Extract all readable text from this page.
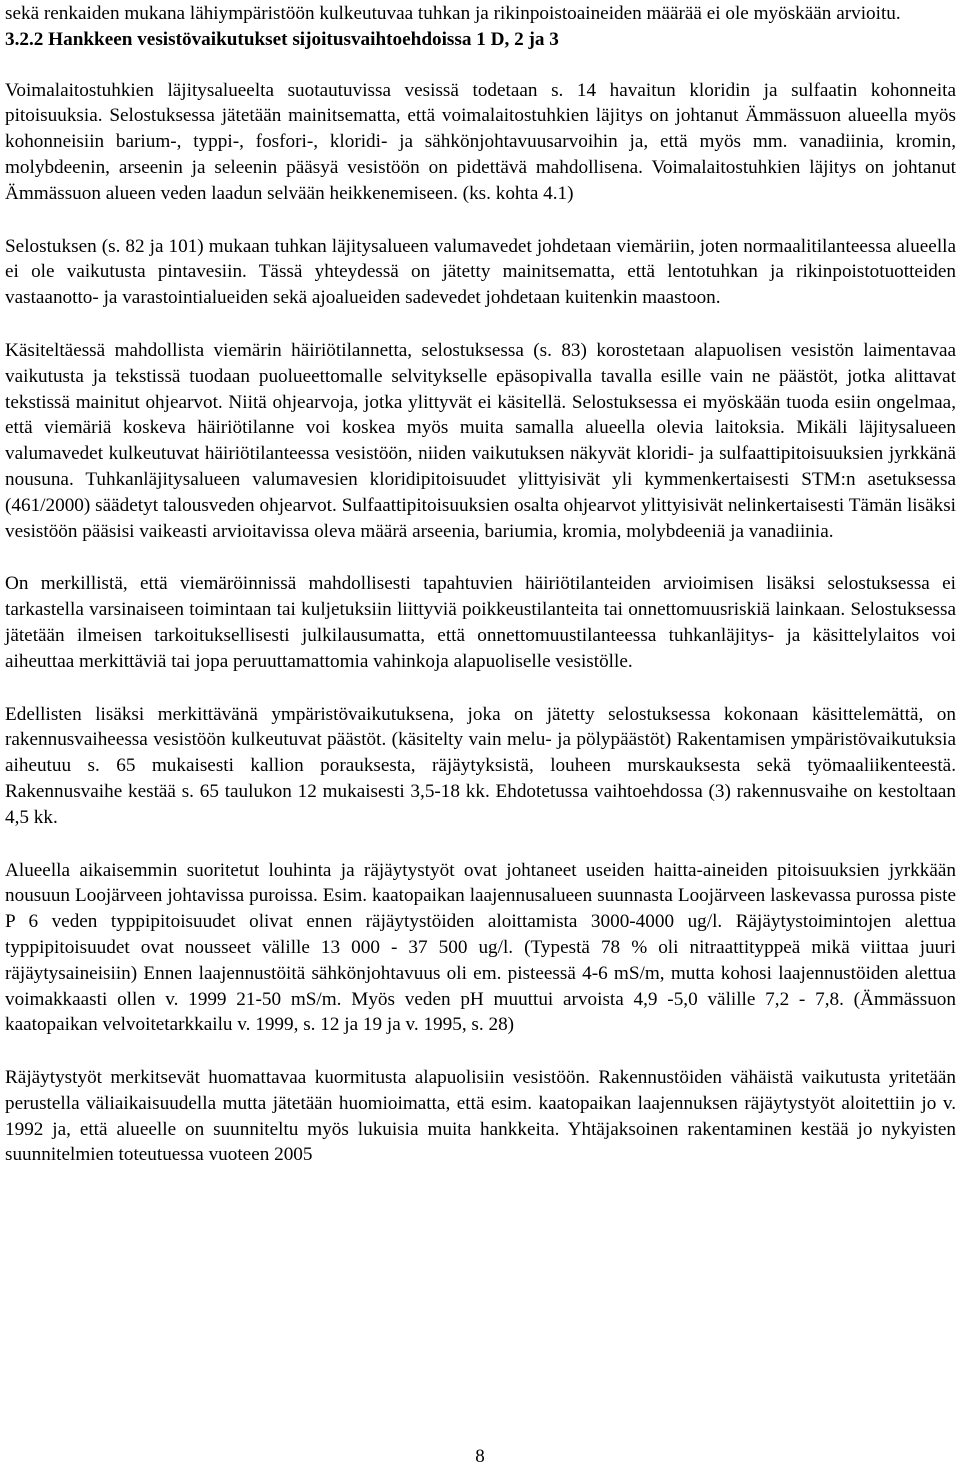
sekä renkaiden mukana lähiympäristöön kulkeutuvaa tuhkan ja rikinpoistoaineiden määrää ei ole myöskään arvioitu.

3.2.2 Hankkeen vesistövaikutukset sijoitusvaihtoehdoissa 1 D, 2 ja 3

Voimalaitostuhkien läjitysalueelta suotautuvissa vesissä todetaan s. 14 havaitun kloridin ja sulfaatin kohonneita pitoisuuksia. Selostuksessa jätetään mainitsematta, että voimalaitostuhkien läjitys on johtanut Ämmässuon alueella myös kohonneisiin barium-, typpi-, fosfori-, kloridi- ja sähkönjohtavuusarvoihin ja, että myös mm. vanadiinia, kromin, molybdeenin, arseenin ja seleenin pääsyä vesistöön on pidettävä mahdollisena. Voimalaitostuhkien läjitys on johtanut Ämmässuon alueen veden laadun selvään heikkenemiseen. (ks. kohta 4.1)

Selostuksen (s. 82 ja 101) mukaan tuhkan läjitysalueen valumavedet johdetaan viemäriin, joten normaalitilanteessa alueella ei ole vaikutusta pintavesiin. Tässä yhteydessä on jätetty mainitsematta, että lentotuhkan ja rikinpoistotuotteiden vastaanotto- ja varastointialueiden sekä ajoalueiden sadevedet johdetaan kuitenkin maastoon.

Käsiteltäessä mahdollista viemärin häiriötilannetta, selostuksessa (s. 83) korostetaan alapuolisen vesistön laimentavaa vaikutusta ja tekstissä tuodaan puolueettomalle selvitykselle epäsopivalla tavalla esille vain ne päästöt, jotka alittavat tekstissä mainitut ohjearvot. Niitä ohjearvoja, jotka ylittyvät ei käsitellä. Selostuksessa ei myöskään tuoda esiin ongelmaa, että viemäriä koskeva häiriötilanne voi koskea myös muita samalla alueella olevia laitoksia. Mikäli läjitysalueen valumavedet kulkeutuvat häiriötilanteessa vesistöön, niiden vaikutuksen näkyvät kloridi- ja sulfaattipitoisuuksien jyrkkänä nousuna. Tuhkanläjitysalueen valumavesien kloridipitoisuudet ylittyisivät yli kymmenkertaisesti STM:n asetuksessa (461/2000) säädetyt talousveden ohjearvot. Sulfaattipitoisuuksien osalta ohjearvot ylittyisivät nelinkertaisesti Tämän lisäksi vesistöön pääsisi vaikeasti arvioitavissa oleva määrä arseenia, bariumia, kromia, molybdeeniä ja vanadiinia.

On merkillistä, että viemäröinnissä mahdollisesti tapahtuvien häiriötilanteiden arvioimisen lisäksi selostuksessa ei tarkastella varsinaiseen toimintaan tai kuljetuksiin liittyviä poikkeustilanteita tai onnettomuusriskiä lainkaan. Selostuksessa jätetään ilmeisen tarkoituksellisesti julkilausumatta, että onnettomuustilanteessa tuhkanläjitys- ja käsittelylaitos voi aiheuttaa merkittäviä tai jopa peruuttamattomia vahinkoja alapuoliselle vesistölle.

Edellisten lisäksi merkittävänä ympäristövaikutuksena, joka on jätetty selostuksessa kokonaan käsittelemättä, on rakennusvaiheessa vesistöön kulkeutuvat päästöt. (käsitelty vain melu- ja pölypäästöt) Rakentamisen ympäristövaikutuksia aiheutuu s. 65 mukaisesti kallion porauksesta, räjäytyksistä, louheen murskauksesta sekä työmaaliikenteestä. Rakennusvaihe kestää s. 65 taulukon 12 mukaisesti 3,5-18 kk. Ehdotetussa vaihtoehdossa (3) rakennusvaihe on kestoltaan 4,5 kk.

Alueella aikaisemmin suoritetut louhinta ja räjäytystyöt ovat johtaneet useiden haitta-aineiden pitoisuuksien jyrkkään nousuun Loojärveen johtavissa puroissa. Esim. kaatopaikan laajennusalueen suunnasta Loojärveen laskevassa purossa piste P 6 veden typpipitoisuudet olivat ennen räjäytystöiden aloittamista 3000-4000 ug/l. Räjäytystoimintojen alettua typpipitoisuudet ovat nousseet välille 13 000 - 37 500 ug/l. (Typestä 78 % oli nitraattityppeä mikä viittaa juuri räjäytysaineisiin) Ennen laajennustöitä sähkönjohtavuus oli em. pisteessä 4-6 mS/m, mutta kohosi laajennustöiden alettua voimakkaasti ollen v. 1999 21-50 mS/m. Myös veden pH muuttui arvoista 4,9 -5,0 välille 7,2 - 7,8. (Ämmässuon kaatopaikan velvoitetarkkailu v. 1999, s. 12 ja 19 ja v. 1995, s. 28)

Räjäytystyöt merkitsevät huomattavaa kuormitusta alapuolisiin vesistöön. Rakennustöiden vähäistä vaikutusta yritetään perustella väliaikaisuudella mutta jätetään huomioimatta, että esim. kaatopaikan laajennuksen räjäytystyöt aloitettiin jo v. 1992 ja, että alueelle on suunniteltu myös lukuisia muita hankkeita. Yhtäjaksoinen rakentaminen kestää jo nykyisten suunnitelmien toteutuessa vuoteen 2005

8
